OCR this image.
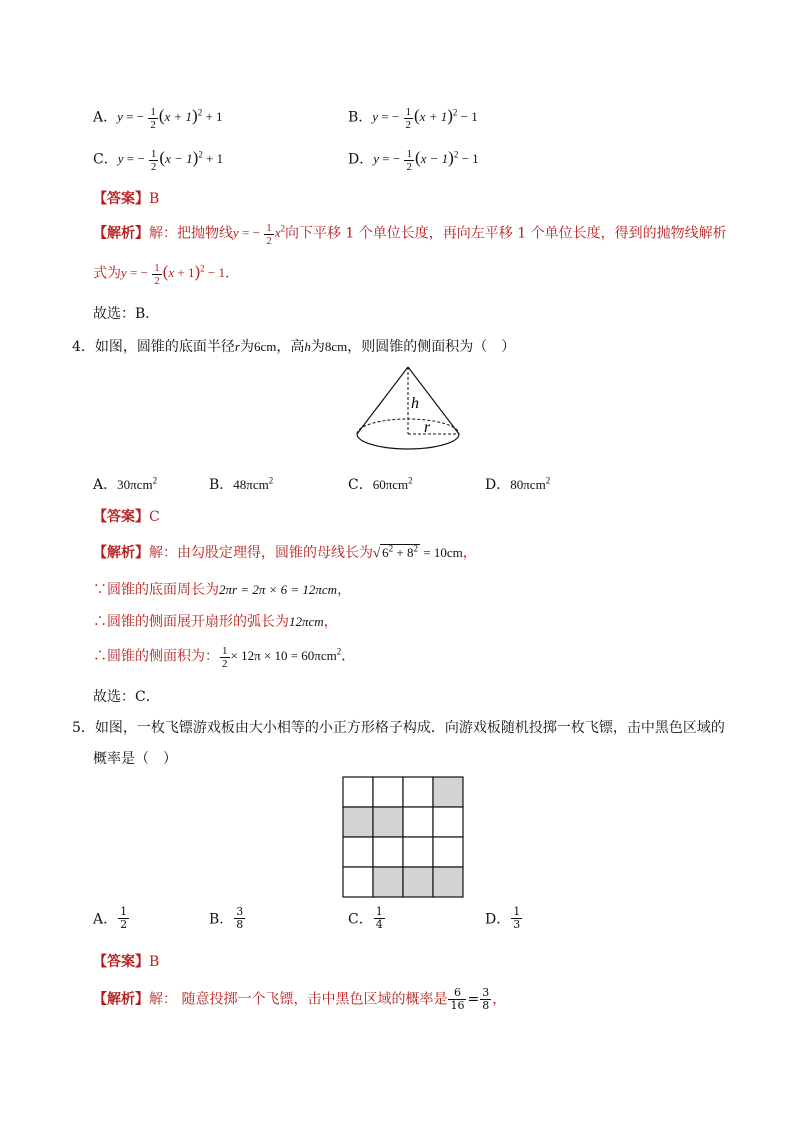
A．y = − $\frac{1}{2} (x + 1)^2 + 1$	B．y = − $\frac{1}{2} (x + 1)^2 - 1$
C．y = − $\frac{1}{2} (x - 1)^2 + 1$	D．y = − $\frac{1}{2} (x - 1)^2 - 1$
【答案】B
【解析】解：把抛物线y = − $\frac{1}{2} x^2$向下平移 1 个单位长度，再向左平移 1 个单位长度，得到的抛物线解析
式为y = − $\frac{1}{2} (x + 1)^2 - 1$．
故选：B．
4．如图，圆锥的底面半径r为6cm，高h为8cm，则圆锥的侧面积为（　）
h
r
A．30πcm$^2$	B．48πcm$^2$	C．60πcm$^2$	D．80πcm$^2$
【答案】C
【解析】解：由勾股定理得，圆锥的母线长为√ $6^2 + 8^2 = 10cm$，
∵圆锥的底面周长为2πr = 2π × 6 = 12πcm，
∴圆锥的侧面展开扇形的弧长为12πcm，
∴圆锥的侧面积为： $\frac{1}{2} \times 12\pi \times 10 = 60\pi cm^2$．
故选：C．
5．如图，一枚飞镖游戏板由大小相等的小正方形格子构成．向游戏板随机投掷一枚飞镖，击中黑色区域的
概率是（　）
A． $\frac{1}{2}$	B． $\frac{3}{8}$	C． $\frac{1}{4}$	D． $\frac{1}{3}$
【答案】B
【解析】解： 随意投掷一个飞镖，击中黑色区域的概率是 $\frac{6}{16} = \frac{3}{8}$ ，
